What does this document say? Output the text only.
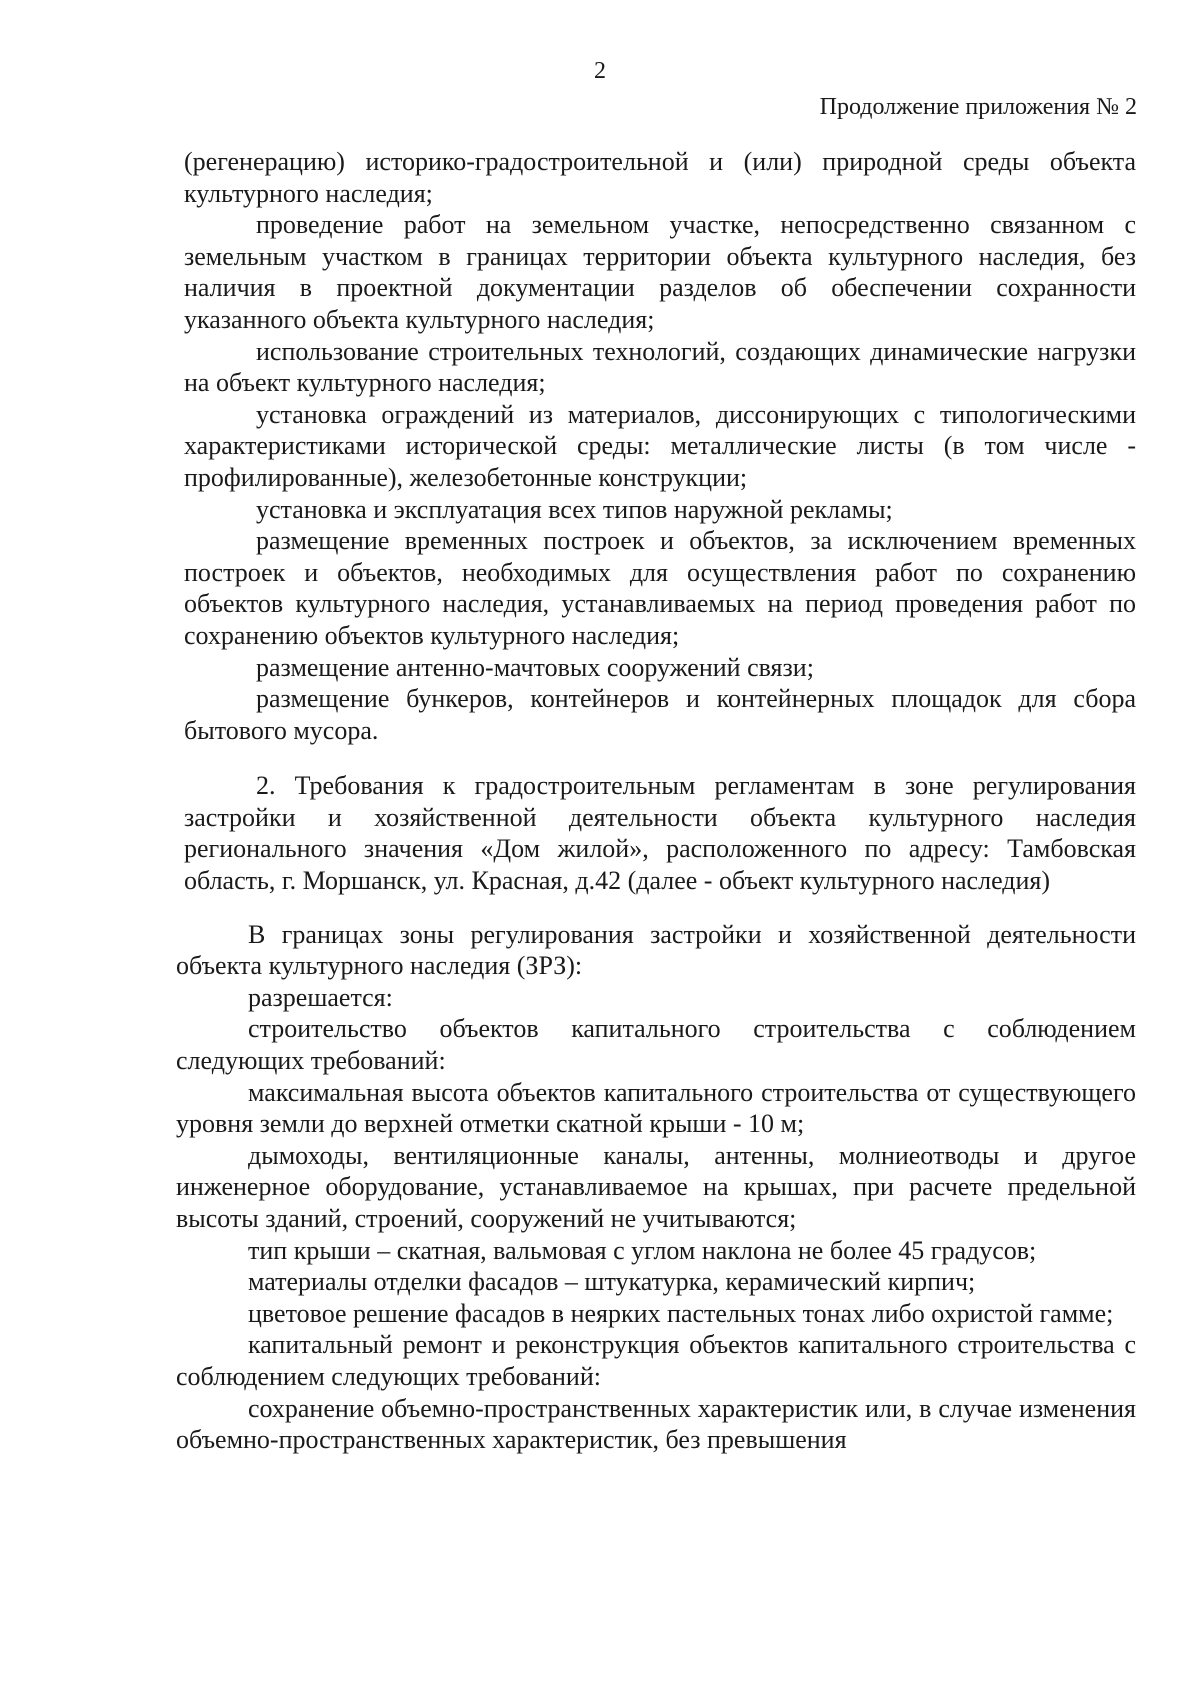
2
Продолжение приложения № 2

(регенерацию) историко-градостроительной и (или) природной среды объекта культурного наследия;

проведение работ на земельном участке, непосредственно связанном с земельным участком в границах территории объекта культурного наследия, без наличия в проектной документации разделов об обеспечении сохранности указанного объекта культурного наследия;

использование строительных технологий, создающих динамические нагрузки на объект культурного наследия;

установка ограждений из материалов, диссонирующих с типологическими характеристиками исторической среды: металлические листы (в том числе - профилированные), железобетонные конструкции;

установка и эксплуатация всех типов наружной рекламы;

размещение временных построек и объектов, за исключением временных построек и объектов, необходимых для осуществления работ по сохранению объектов культурного наследия, устанавливаемых на период проведения работ по сохранению объектов культурного наследия;

размещение антенно-мачтовых сооружений связи;

размещение бункеров, контейнеров и контейнерных площадок для сбора бытового мусора.

2. Требования к градостроительным регламентам в зоне регулирования застройки и хозяйственной деятельности объекта культурного наследия регионального значения «Дом жилой», расположенного по адресу: Тамбовская область, г. Моршанск, ул. Красная, д.42 (далее - объект культурного наследия)

В границах зоны регулирования застройки и хозяйственной деятельности объекта культурного наследия (ЗРЗ):

разрешается:

строительство объектов капитального строительства с соблюдением следующих требований:

максимальная высота объектов капитального строительства от существующего уровня земли до верхней отметки скатной крыши - 10 м;

дымоходы, вентиляционные каналы, антенны, молниеотводы и другое инженерное оборудование, устанавливаемое на крышах, при расчете предельной высоты зданий, строений, сооружений не учитываются;

тип крыши – скатная, вальмовая с углом наклона не более 45 градусов;

материалы отделки фасадов – штукатурка, керамический кирпич;

цветовое решение фасадов в неярких пастельных тонах либо охристой гамме;

капитальный ремонт и реконструкция объектов капитального строительства с соблюдением следующих требований:

сохранение объемно-пространственных характеристик или, в случае изменения объемно-пространственных характеристик, без превышения
